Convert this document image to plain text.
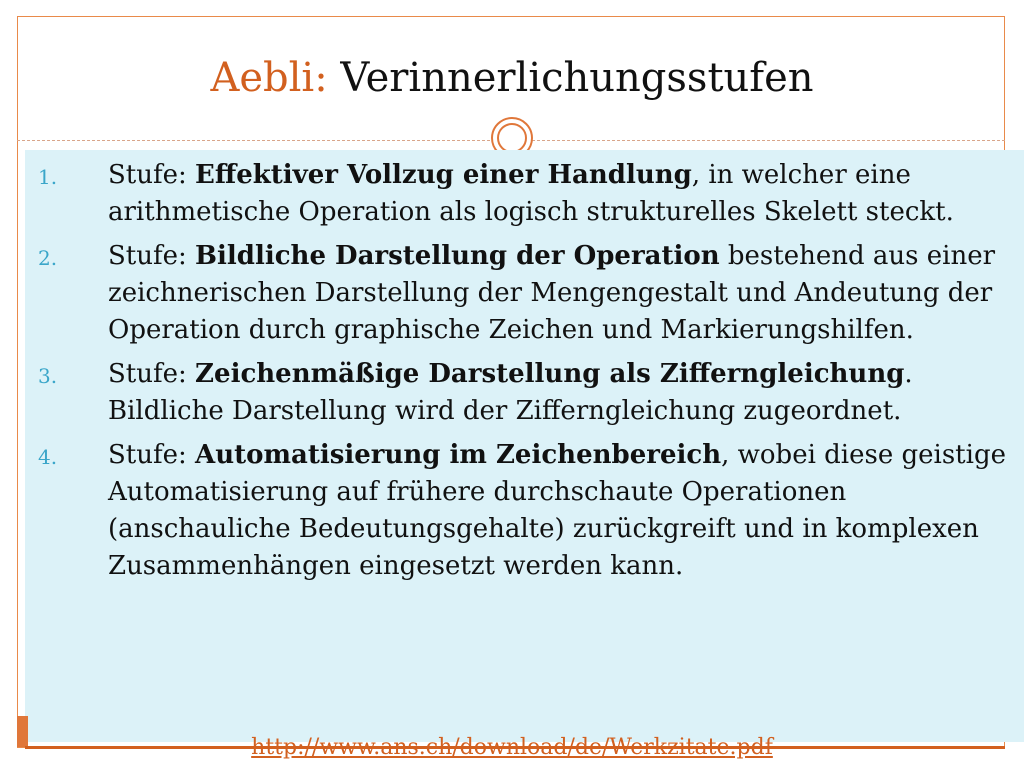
Aebli: Verinnerlichungsstufen
1. Stufe: Effektiver Vollzug einer Handlung, in welcher eine arithmetische Operation als logisch strukturelles Skelett steckt.
2. Stufe: Bildliche Darstellung der Operation bestehend aus einer zeichnerischen Darstellung der Mengengestalt und Andeutung der Operation durch graphische Zeichen und Markierungshilfen.
3. Stufe: Zeichenmäßige Darstellung als Zifferngleichung. Bildliche Darstellung wird der Zifferngleichung zugeordnet.
4. Stufe: Automatisierung im Zeichenbereich, wobei diese geistige Automatisierung auf frühere durchschaute Operationen (anschauliche Bedeutungsgehalte) zurückgreift und in komplexen Zusammenhängen eingesetzt werden kann.
http://www.ans.ch/download/de/Werkzitate.pdf
